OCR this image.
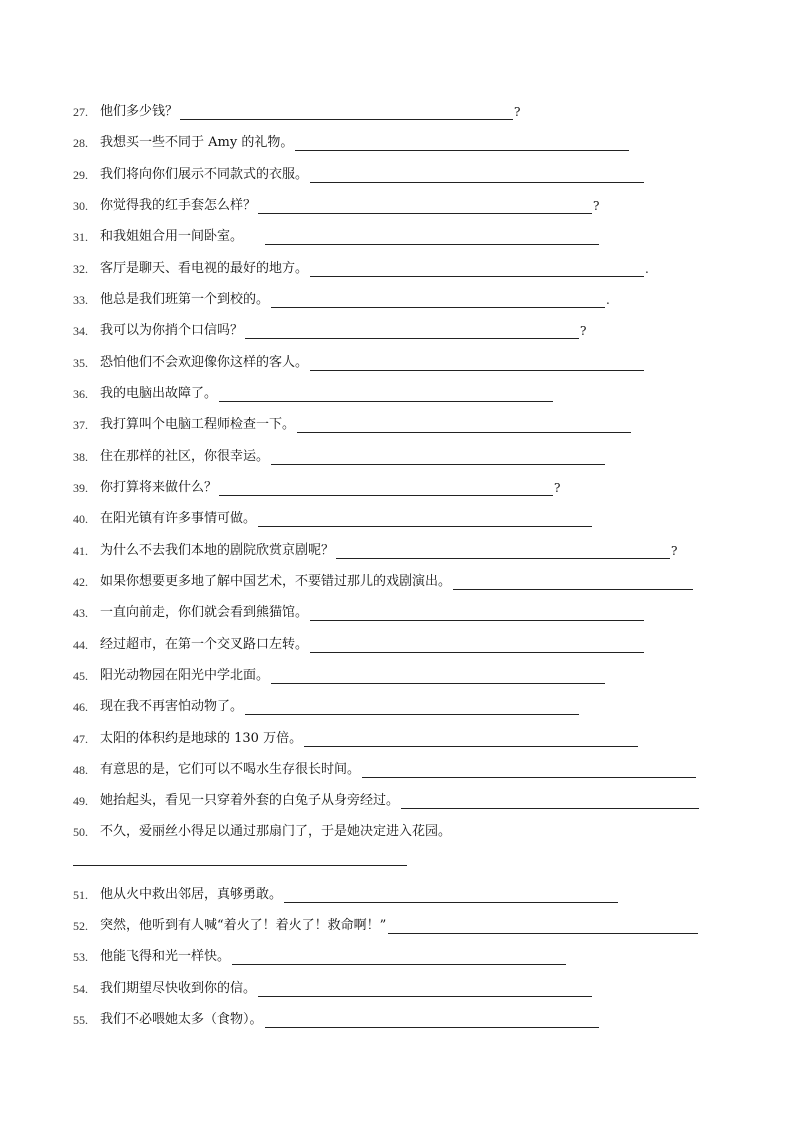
27. 他们多少钱？	?
28. 我想买一些不同于 Amy 的礼物。
29. 我们将向你们展示不同款式的衣服。
30. 你觉得我的红手套怎么样？	?
31. 和我姐姐合用一间卧室。
32. 客厅是聊天、看电视的最好的地方。	.
33. 他总是我们班第一个到校的。	.
34. 我可以为你捎个口信吗？	?
35. 恐怕他们不会欢迎像你这样的客人。
36. 我的电脑出故障了。
37. 我打算叫个电脑工程师检查一下。
38. 住在那样的社区，你很幸运。
39. 你打算将来做什么？	?
40. 在阳光镇有许多事情可做。
41. 为什么不去我们本地的剧院欣赏京剧呢？	?
42. 如果你想要更多地了解中国艺术，不要错过那儿的戏剧演出。
43. 一直向前走，你们就会看到熊猫馆。
44. 经过超市，在第一个交叉路口左转。
45. 阳光动物园在阳光中学北面。
46. 现在我不再害怕动物了。
47. 太阳的体积约是地球的 130 万倍。
48. 有意思的是，它们可以不喝水生存很长时间。
49. 她抬起头，看见一只穿着外套的白兔子从身旁经过。
50. 不久，爱丽丝小得足以通过那扇门了，于是她决定进入花园。
51. 他从火中救出邻居，真够勇敢。
52. 突然，他听到有人喊“着火了！着火了！救命啊！”
53. 他能飞得和光一样快。
54. 我们期望尽快收到你的信。
55. 我们不必喂她太多（食物）。
